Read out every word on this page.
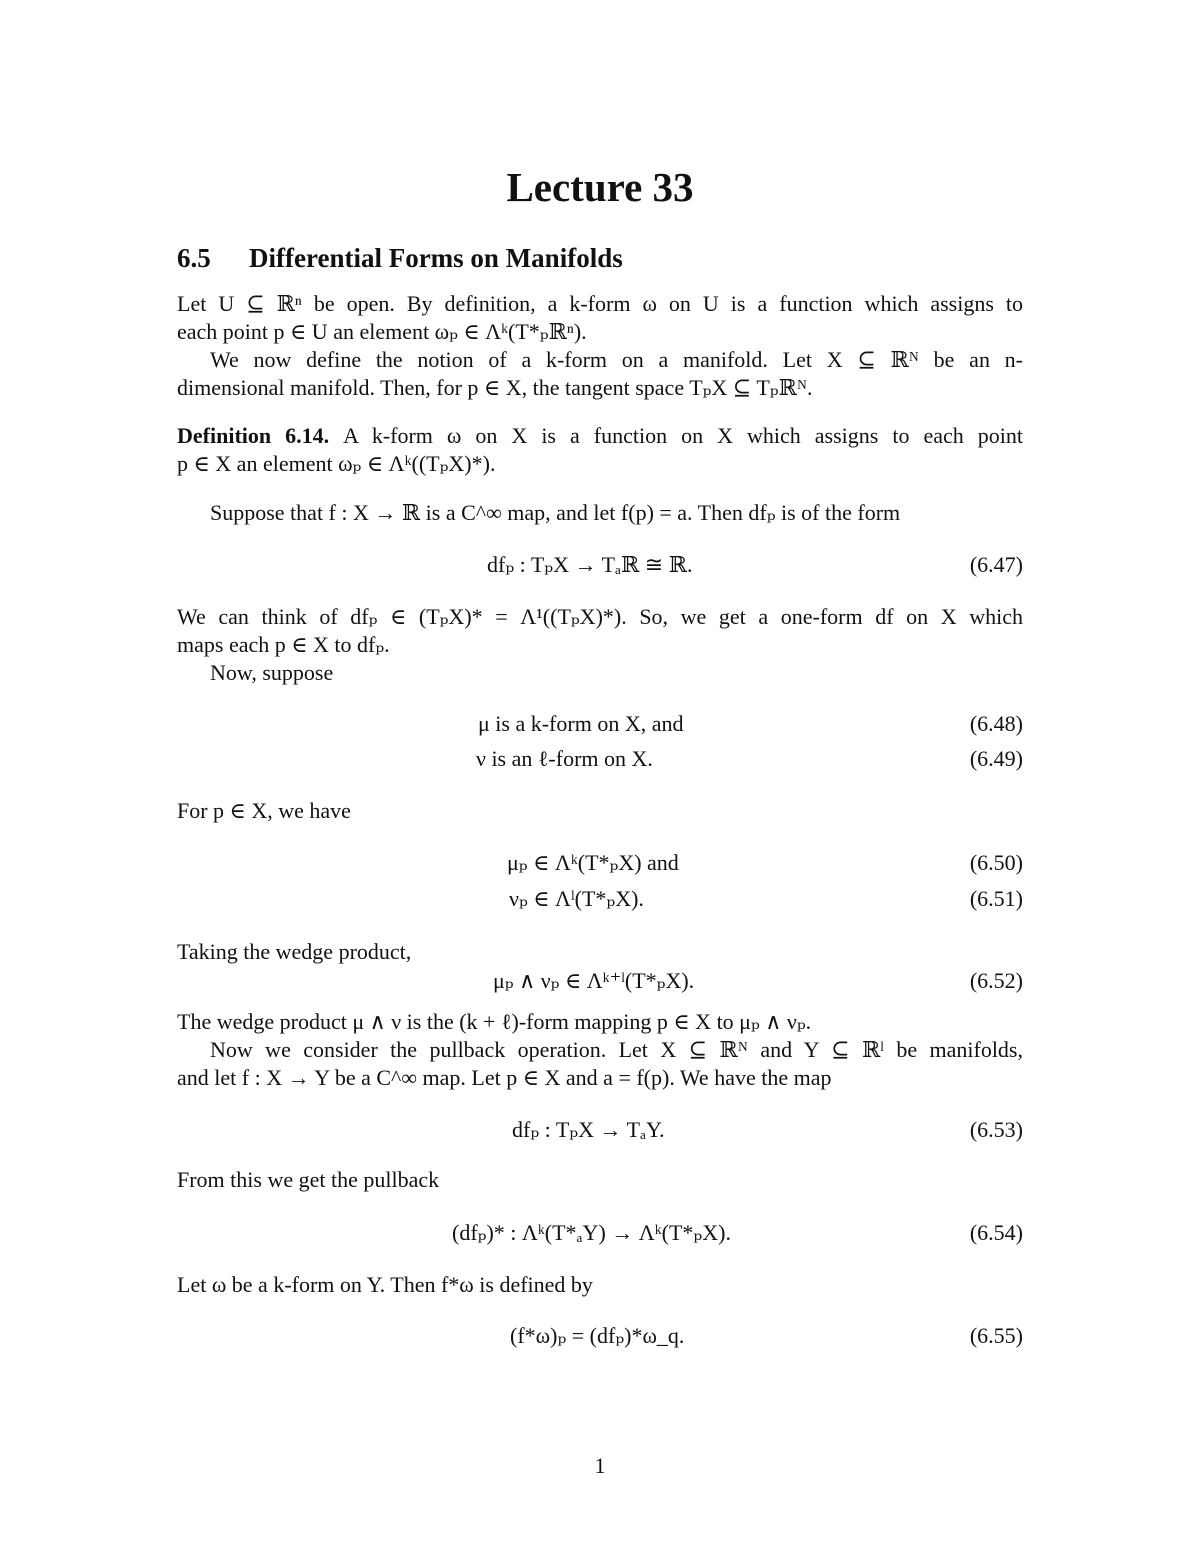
Lecture 33
6.5 Differential Forms on Manifolds
Let U ⊆ ℝⁿ be open. By definition, a k-form ω on U is a function which assigns to
each point p ∈ U an element ωₚ ∈ Λᵏ(T*ₚℝⁿ).
We now define the notion of a k-form on a manifold. Let X ⊆ ℝᴺ be an n-
dimensional manifold. Then, for p ∈ X, the tangent space TₚX ⊆ Tₚℝᴺ.
Definition 6.14. A k-form ω on X is a function on X which assigns to each point
p ∈ X an element ωₚ ∈ Λᵏ((TₚX)*).
Suppose that f : X → ℝ is a C^∞ map, and let f(p) = a. Then dfₚ is of the form
dfₚ : TₚX → Tₐℝ ≅ ℝ.	(6.47)
We can think of dfₚ ∈ (TₚX)* = Λ¹((TₚX)*). So, we get a one-form df on X which
maps each p ∈ X to dfₚ.
Now, suppose
μ is a k-form on X, and	(6.48)
ν is an ℓ-form on X.	(6.49)
For p ∈ X, we have
μₚ ∈ Λᵏ(T*ₚX) and	(6.50)
νₚ ∈ Λˡ(T*ₚX).	(6.51)
Taking the wedge product,
μₚ ∧ νₚ ∈ Λᵏ⁺ˡ(T*ₚX).	(6.52)
The wedge product μ ∧ ν is the (k + ℓ)-form mapping p ∈ X to μₚ ∧ νₚ.
Now we consider the pullback operation. Let X ⊆ ℝᴺ and Y ⊆ ℝˡ be manifolds,
and let f : X → Y be a C^∞ map. Let p ∈ X and a = f(p). We have the map
dfₚ : TₚX → TₐY.	(6.53)
From this we get the pullback
(dfₚ)* : Λᵏ(T*ₐY) → Λᵏ(T*ₚX).	(6.54)
Let ω be a k-form on Y. Then f*ω is defined by
(f*ω)ₚ = (dfₚ)*ω_q.	(6.55)
1
